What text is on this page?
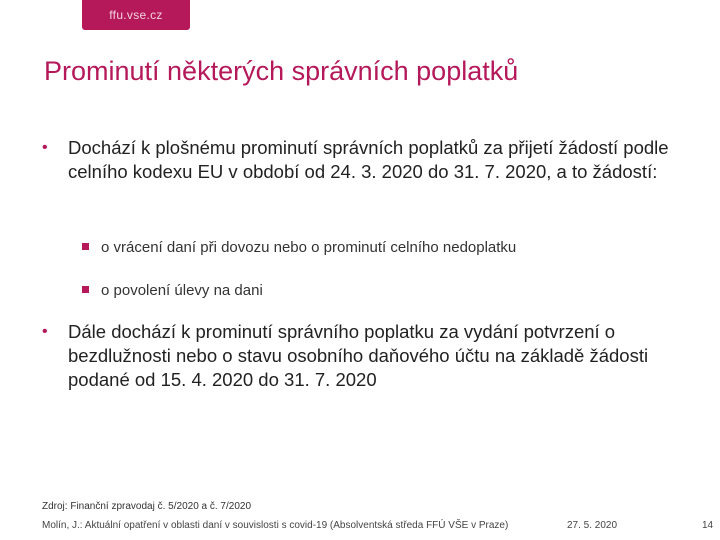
ffu.vse.cz
Prominutí některých správních poplatků
• Dochází k plošnému prominutí správních poplatků za přijetí žádostí podle celního kodexu EU v období od 24. 3. 2020 do 31. 7. 2020, a to žádostí:
o vrácení daní při dovozu nebo o prominutí celního nedoplatku
o povolení úlevy na dani
• Dále dochází k prominutí správního poplatku za vydání potvrzení o bezdlužnosti nebo o stavu osobního daňového účtu na základě žádosti podané od 15. 4. 2020 do 31. 7. 2020
Zdroj: Finanční zpravodaj č. 5/2020 a č. 7/2020
Molín, J.: Aktuální opatření v oblasti daní v souvislosti s covid-19 (Absolventská středa FFÚ VŠE v Praze)	27. 5. 2020	14
